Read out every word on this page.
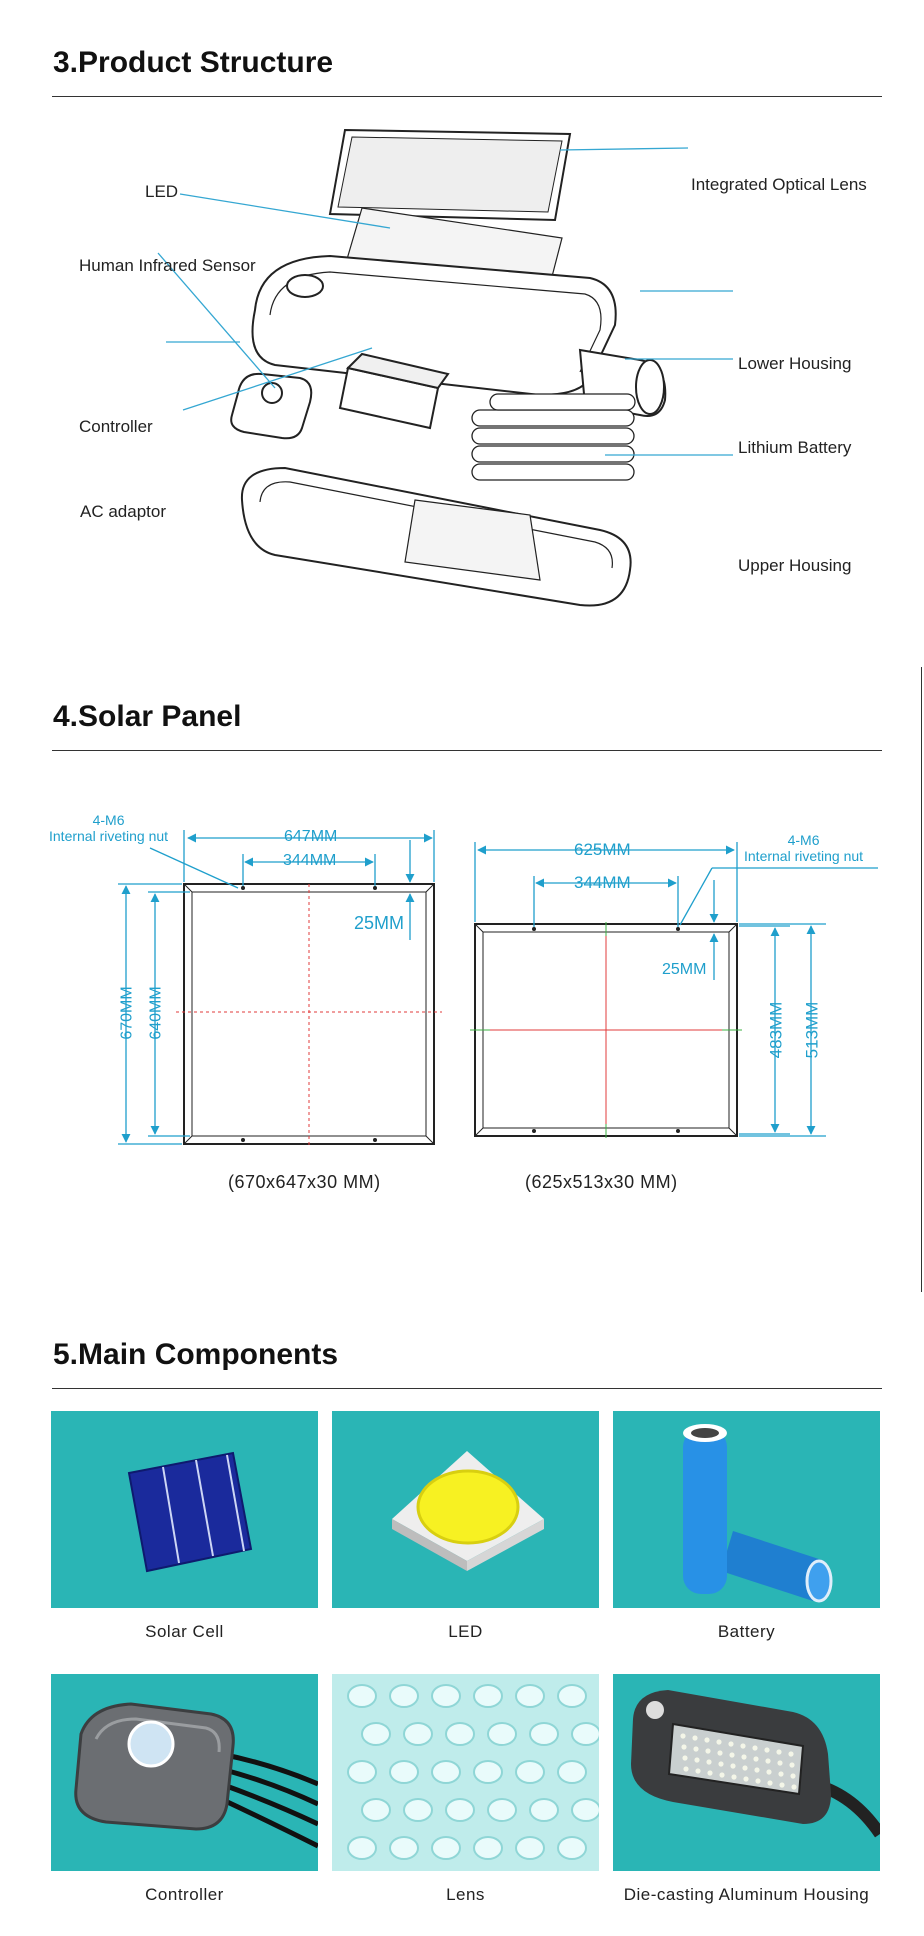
3.Product Structure
LED
Human Infrared Sensor
Controller
AC adaptor
Integrated Optical Lens
Lower Housing
Lithium Battery
Upper Housing
4.Solar Panel
4-M6
Internal riveting nut	647MM
344MM
25MM
670MM 640MM
(670x647x30 MM)
4-M6
Internal riveting nut
625MM
344MM
25MM
483MM 513MM
(625x513x30 MM)
5.Main Components
Solar Cell	LED	Battery
Controller	Lens	Die-casting Aluminum Housing
